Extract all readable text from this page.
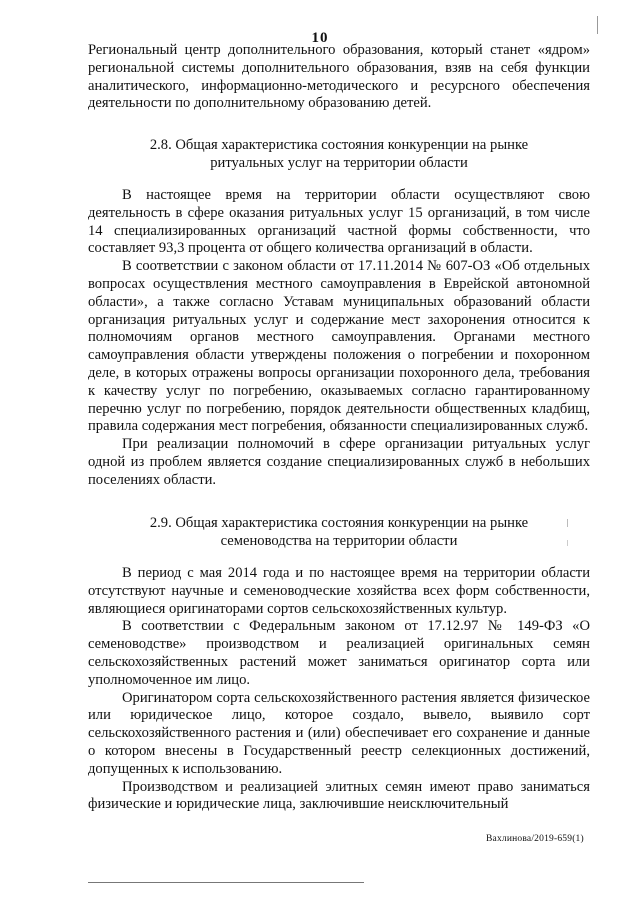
10

Региональный центр дополнительного образования, который станет «ядром» региональной системы дополнительного образования, взяв на себя функции аналитического, информационно-методического и ресурсного обеспечения деятельности по дополнительному образованию детей.

2.8. Общая характеристика состояния конкуренции на рынке
ритуальных услуг на территории области

В настоящее время на территории области осуществляют свою деятельность в сфере оказания ритуальных услуг 15 организаций, в том числе 14 специализированных организаций частной формы собственности, что составляет 93,3 процента от общего количества организаций в области.

В соответствии с законом области от 17.11.2014 № 607-ОЗ «Об отдельных вопросах осуществления местного самоуправления в Еврейской автономной области», а также согласно Уставам муниципальных образований области организация ритуальных услуг и содержание мест захоронения относится к полномочиям органов местного самоуправления. Органами местного самоуправления области утверждены положения о погребении и похоронном деле, в которых отражены вопросы организации похоронного дела, требования к качеству услуг по погребению, оказываемых согласно гарантированному перечню услуг по погребению, порядок деятельности общественных кладбищ, правила содержания мест погребения, обязанности специализированных служб.

При реализации полномочий в сфере организации ритуальных услуг одной из проблем является создание специализированных служб в небольших поселениях области.

2.9. Общая характеристика состояния конкуренции на рынке
семеноводства на территории области

В период с мая 2014 года и по настоящее время на территории области отсутствуют научные и семеноводческие хозяйства всех форм собственности, являющиеся оригинаторами сортов сельскохозяйственных культур.

В соответствии с Федеральным законом от 17.12.97 № 149-ФЗ «О семеноводстве» производством и реализацией оригинальных семян сельскохозяйственных растений может заниматься оригинатор сорта или уполномоченное им лицо.

Оригинатором сорта сельскохозяйственного растения является физическое или юридическое лицо, которое создало, вывело, выявило сорт сельскохозяйственного растения и (или) обеспечивает его сохранение и данные о котором внесены в Государственный реестр селекционных достижений, допущенных к использованию.

Производством и реализацией элитных семян имеют право заниматься физические и юридические лица, заключившие неисключительный

Вахлинова/2019-659(1)
